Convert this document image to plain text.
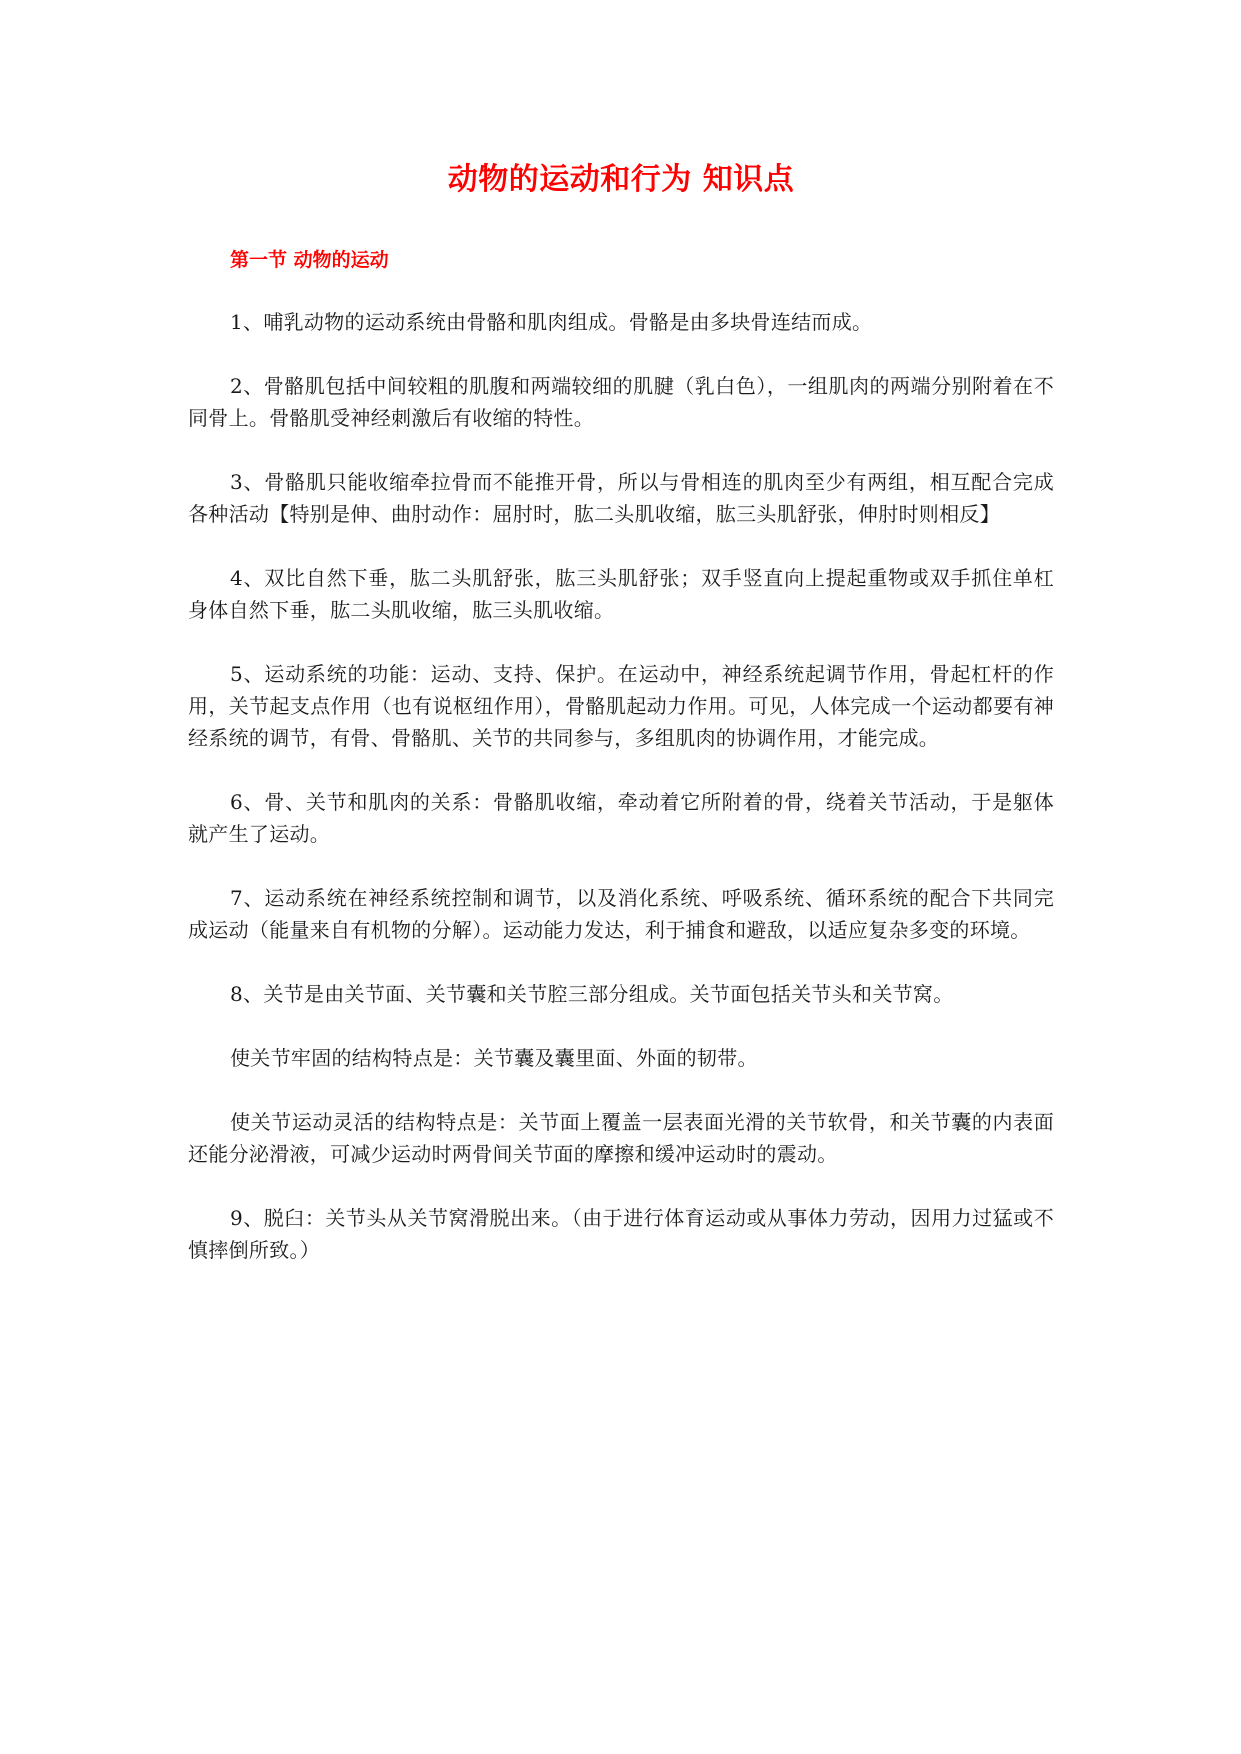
动物的运动和行为 知识点
第一节 动物的运动

1、哺乳动物的运动系统由骨骼和肌肉组成。骨骼是由多块骨连结而成。

2、骨骼肌包括中间较粗的肌腹和两端较细的肌腱（乳白色），一组肌肉的两端分别附着在不同骨上。骨骼肌受神经刺激后有收缩的特性。

3、骨骼肌只能收缩牵拉骨而不能推开骨，所以与骨相连的肌肉至少有两组，相互配合完成各种活动【特别是伸、曲肘动作：屈肘时，肱二头肌收缩，肱三头肌舒张，伸肘时则相反】

4、双比自然下垂，肱二头肌舒张，肱三头肌舒张；双手竖直向上提起重物或双手抓住单杠身体自然下垂，肱二头肌收缩，肱三头肌收缩。

5、运动系统的功能：运动、支持、保护。在运动中，神经系统起调节作用，骨起杠杆的作用，关节起支点作用（也有说枢纽作用），骨骼肌起动力作用。可见，人体完成一个运动都要有神经系统的调节，有骨、骨骼肌、关节的共同参与，多组肌肉的协调作用，才能完成。

6、骨、关节和肌肉的关系：骨骼肌收缩，牵动着它所附着的骨，绕着关节活动，于是躯体就产生了运动。

7、运动系统在神经系统控制和调节，以及消化系统、呼吸系统、循环系统的配合下共同完成运动（能量来自有机物的分解）。运动能力发达，利于捕食和避敌，以适应复杂多变的环境。

8、关节是由关节面、关节囊和关节腔三部分组成。关节面包括关节头和关节窝。

使关节牢固的结构特点是：关节囊及囊里面、外面的韧带。

使关节运动灵活的结构特点是：关节面上覆盖一层表面光滑的关节软骨，和关节囊的内表面还能分泌滑液，可减少运动时两骨间关节面的摩擦和缓冲运动时的震动。

9、脱臼：关节头从关节窝滑脱出来。（由于进行体育运动或从事体力劳动，因用力过猛或不慎摔倒所致。）
